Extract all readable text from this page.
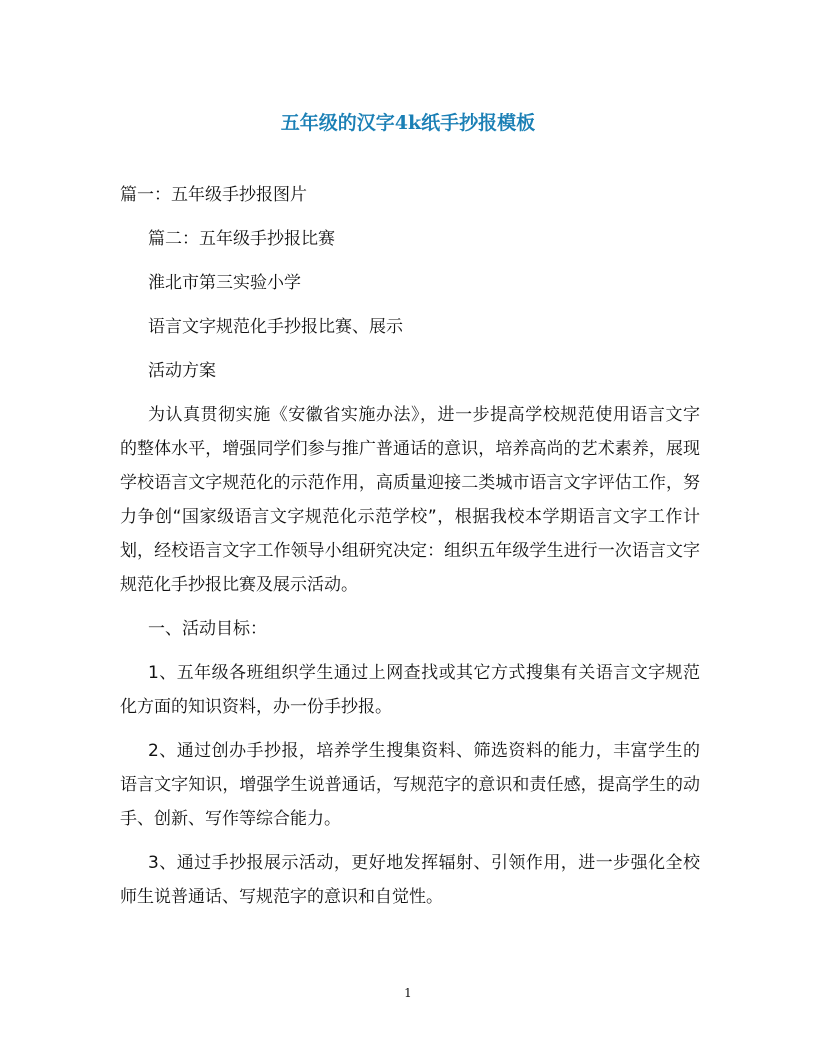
五年级的汉字4k纸手抄报模板

篇一：五年级手抄报图片

篇二：五年级手抄报比赛

淮北市第三实验小学

语言文字规范化手抄报比赛、展示

活动方案

为认真贯彻实施《安徽省实施办法》，进一步提高学校规范使用语言文字的整体水平，增强同学们参与推广普通话的意识，培养高尚的艺术素养，展现学校语言文字规范化的示范作用，高质量迎接二类城市语言文字评估工作，努力争创“国家级语言文字规范化示范学校”，根据我校本学期语言文字工作计划，经校语言文字工作领导小组研究决定：组织五年级学生进行一次语言文字规范化手抄报比赛及展示活动。

一、活动目标：

1、五年级各班组织学生通过上网查找或其它方式搜集有关语言文字规范化方面的知识资料，办一份手抄报。

2、通过创办手抄报，培养学生搜集资料、筛选资料的能力，丰富学生的语言文字知识，增强学生说普通话，写规范字的意识和责任感，提高学生的动手、创新、写作等综合能力。

3、通过手抄报展示活动，更好地发挥辐射、引领作用，进一步强化全校师生说普通话、写规范字的意识和自觉性。

1
